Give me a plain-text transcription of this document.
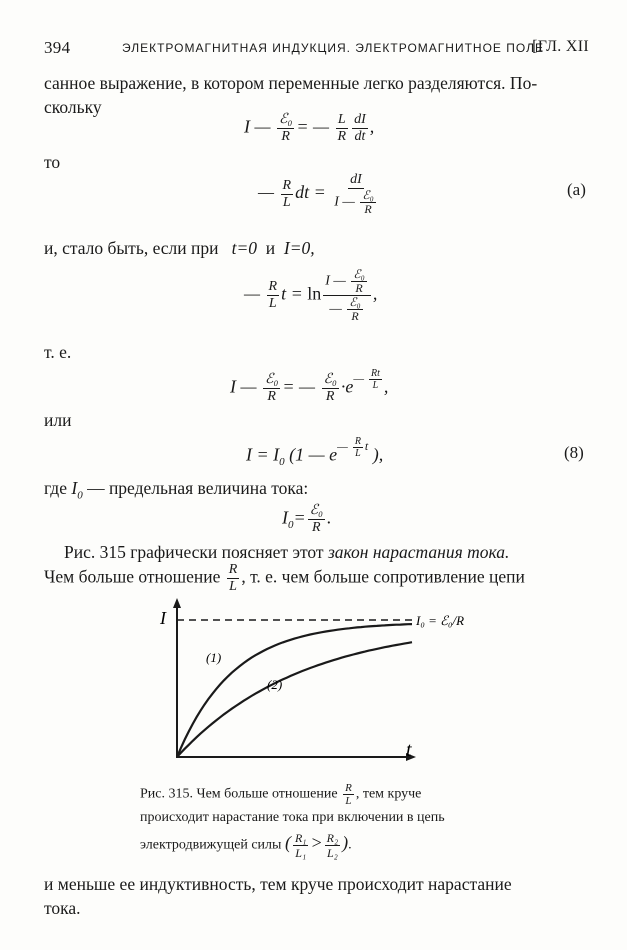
394	ЭЛЕКТРОМАГНИТНАЯ ИНДУКЦИЯ. ЭЛЕКТРОМАГНИТНОЕ ПОЛЕ
[ГЛ. XII
санное выражение, в котором переменные легко разделяются. По-
скольку
I — $\frac{\text{ℰ₀}}{R}$ = — $\frac{L}{R} \frac{dI}{dt}$ ,
то
— $\frac{R}{L}$ dt = $\frac{dI}{I — \frac{\text{ℰ₀}}{R}}$	(a)
и, стало быть, если при t=0 и I=0,
— $\frac{R}{L}$ $t = \ln \frac{I — \frac{\text{ℰ₀}}{R}}{— \frac{\text{ℰ₀}}{R}}$ ,
т. е.
I — $\frac{\text{ℰ₀}}{R}$ = — $\frac{\text{ℰ₀}}{R} \cdot e^{— \frac{Rt}{L}}$ ,
или
$I = I_0$ (1 — $e^{— \frac{R}{L} t}$ ),	(8)
где $I_0$ — предельная величина тока:
$I_0= \frac{\text{ℰ₀}}{R}$ .
Рис. 315 графически поясняет этот закон нарастания тока.
Чем больше отношение $\frac{R}{L}$ , т. е. чем больше сопротивление цепи
I
t
I₀ = ℰ₀/R
(1)
(2)
Рис. 315. Чем больше отношение $\frac{R}{L}$ , тем круче
происходит нарастание тока при включении в цепь
электродвижущей силы ( $\frac{\text{R₁}}{\text{L₁}} > \frac{\text{R₂}}{\text{L₂}}$ ).
и меньше ее индуктивность, тем круче происходит нарастание
тока.
